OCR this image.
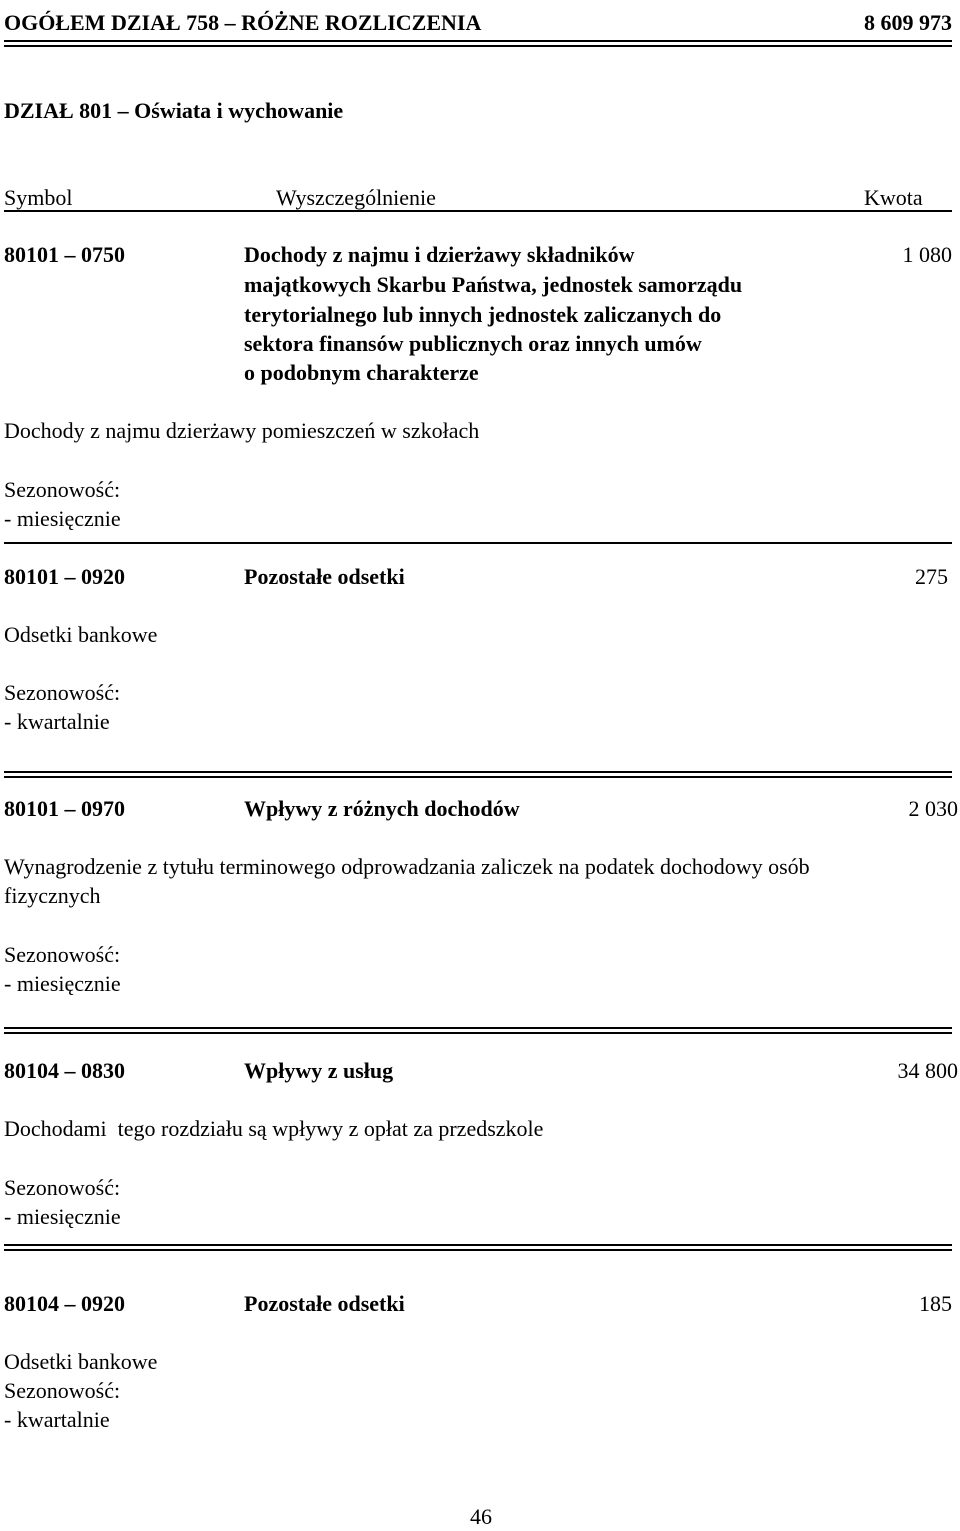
OGÓŁEM DZIAŁ 758 – RÓŻNE ROZLICZENIA	8 609 973
DZIAŁ 801 – Oświata i wychowanie
Symbol	Wyszczególnienie	Kwota
80101 – 0750	Dochody z najmu i dzierżawy składników
majątkowych Skarbu Państwa, jednostek samorządu
terytorialnego lub innych jednostek zaliczanych do
sektora finansów publicznych oraz innych umów
o podobnym charakterze
1 080
Dochody z najmu dzierżawy pomieszczeń w szkołach
Sezonowość:
- miesięcznie
80101 – 0920	Pozostałe odsetki	275
Odsetki bankowe
Sezonowość:
- kwartalnie
80101 – 0970	Wpływy z różnych dochodów	2 030
Wynagrodzenie z tytułu terminowego odprowadzania zaliczek na podatek dochodowy osób
fizycznych
Sezonowość:
- miesięcznie
80104 – 0830	Wpływy z usług	34 800
Dochodami  tego rozdziału są wpływy z opłat za przedszkole
Sezonowość:
- miesięcznie
80104 – 0920	Pozostałe odsetki	185
Odsetki bankowe
Sezonowość:
- kwartalnie
46
